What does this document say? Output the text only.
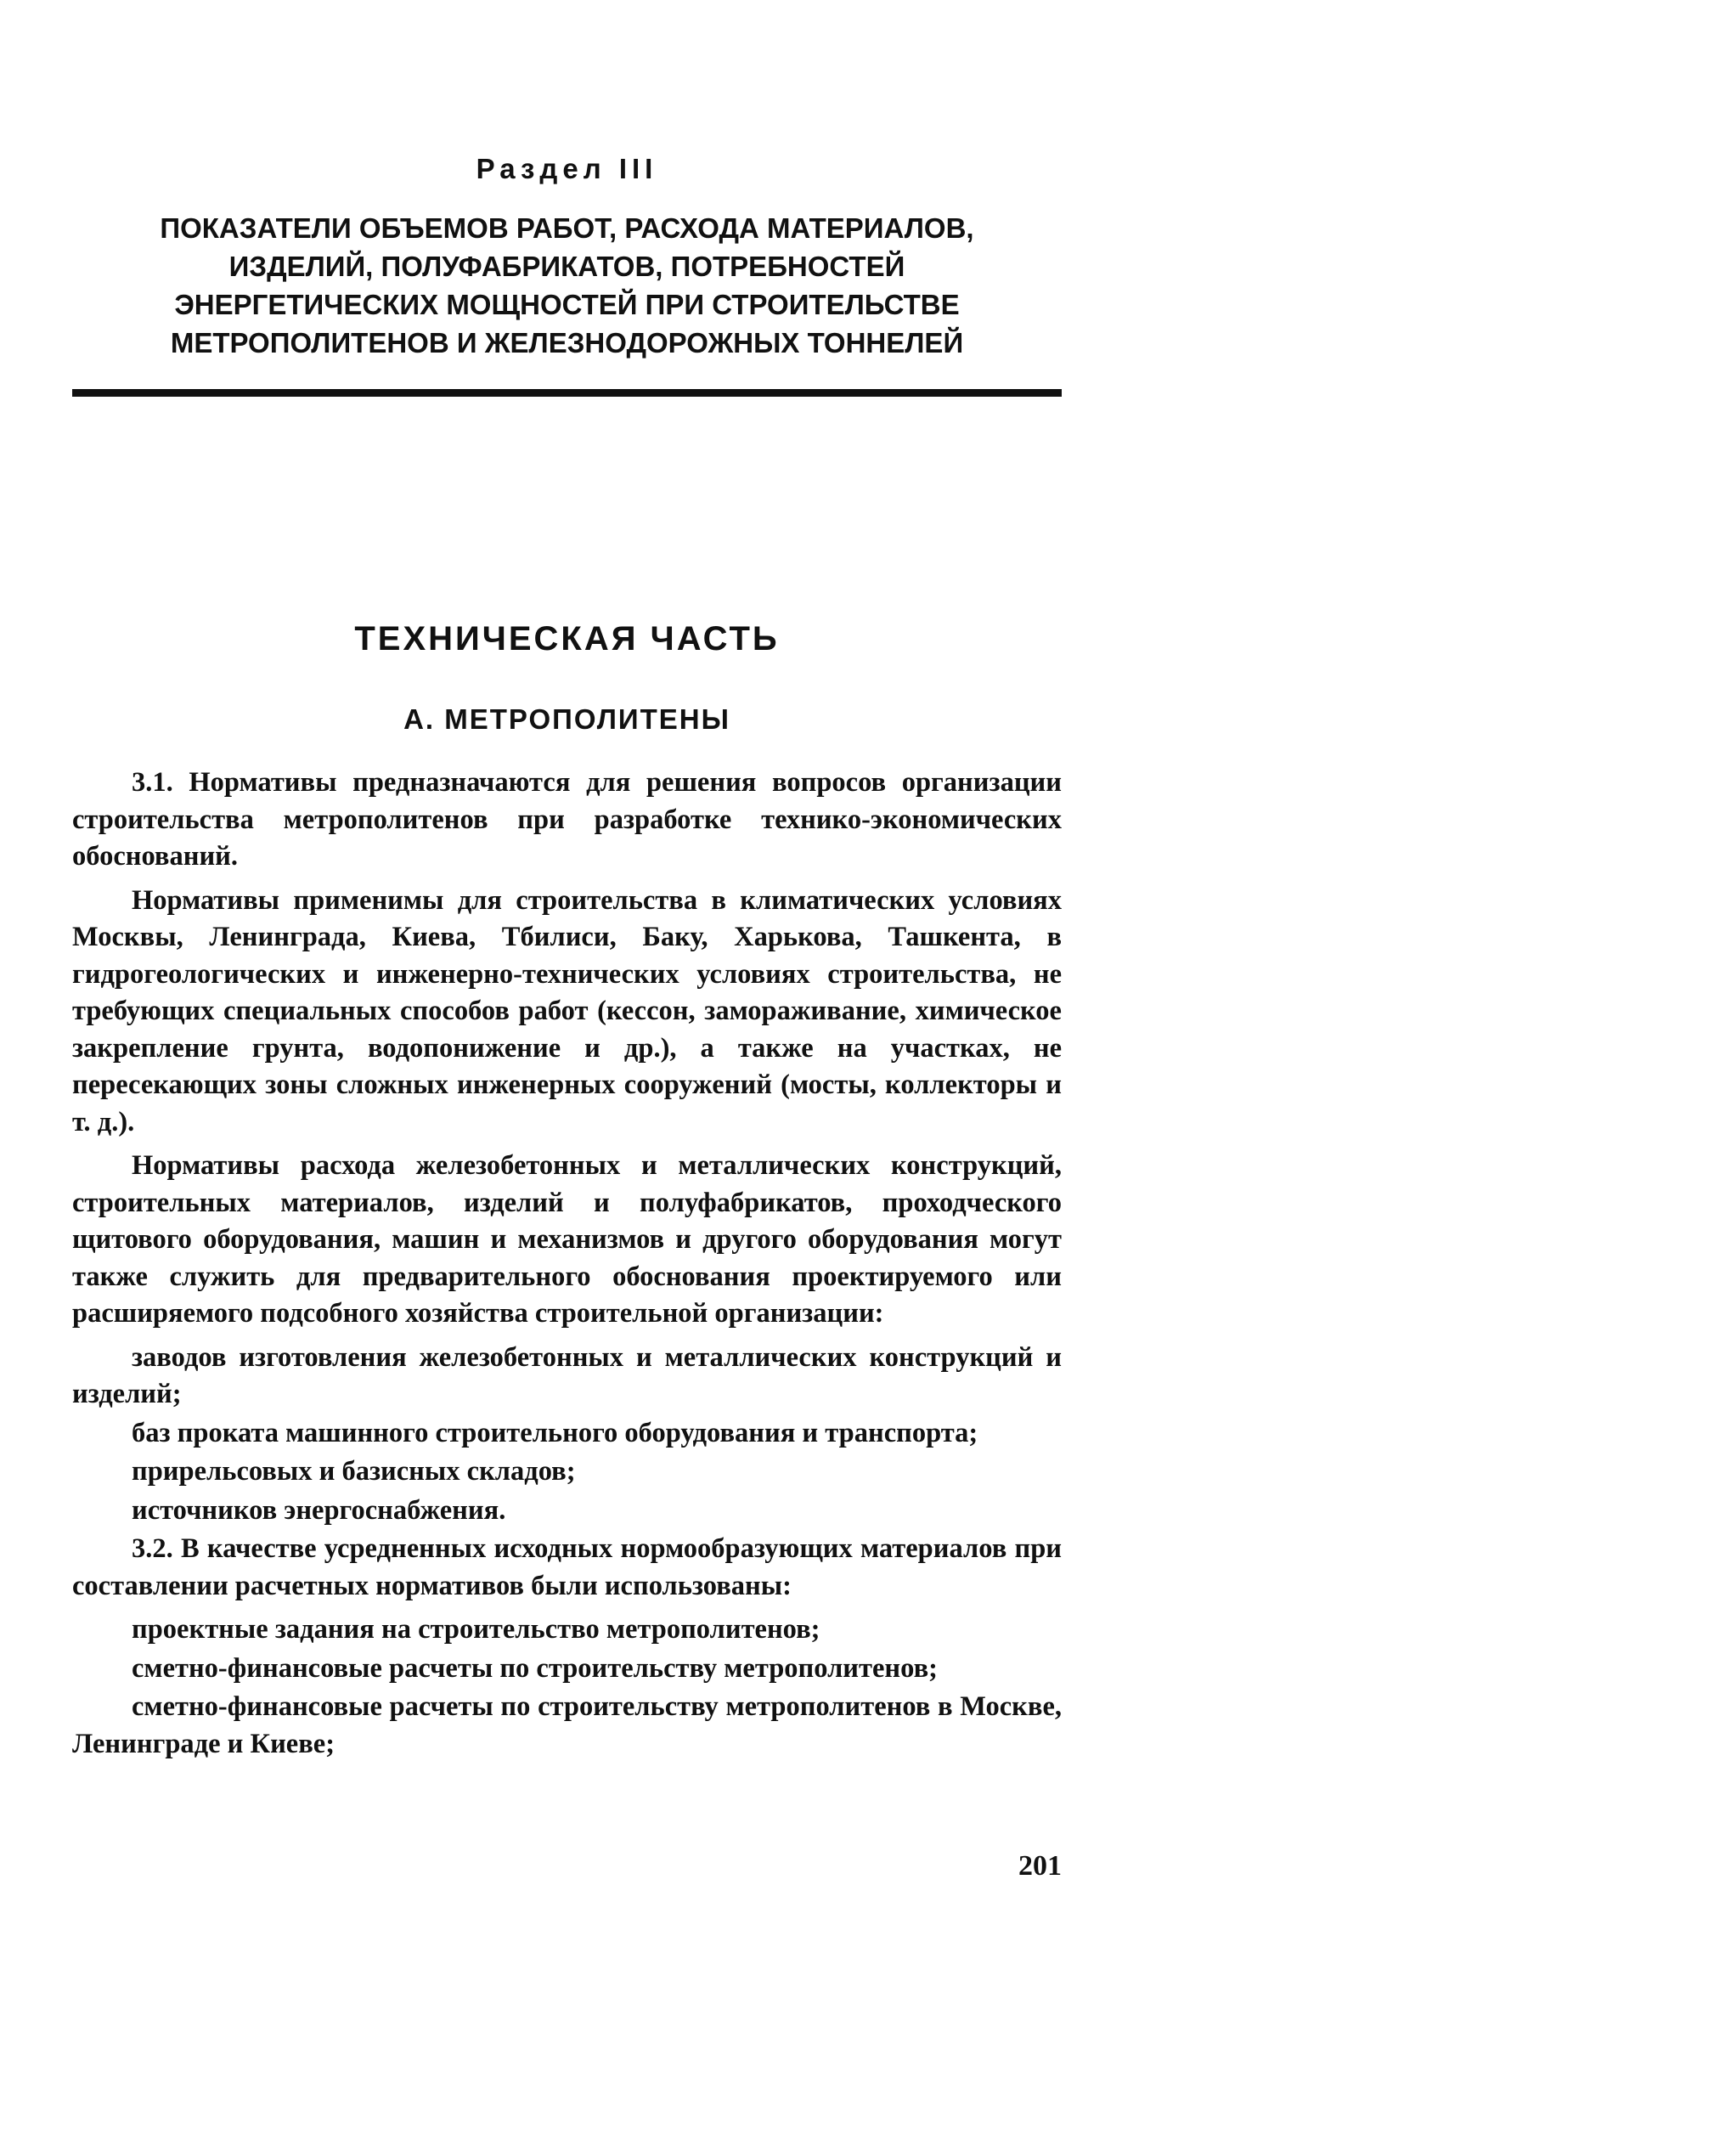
Раздел III
ПОКАЗАТЕЛИ ОБЪЕМОВ РАБОТ, РАСХОДА МАТЕРИАЛОВ,
ИЗДЕЛИЙ, ПОЛУФАБРИКАТОВ, ПОТРЕБНОСТЕЙ
ЭНЕРГЕТИЧЕСКИХ МОЩНОСТЕЙ ПРИ СТРОИТЕЛЬСТВЕ
МЕТРОПОЛИТЕНОВ И ЖЕЛЕЗНОДОРОЖНЫХ ТОННЕЛЕЙ
ТЕХНИЧЕСКАЯ ЧАСТЬ
А. МЕТРОПОЛИТЕНЫ

3.1. Нормативы предназначаются для решения вопросов организации строительства метрополитенов при разработке технико-экономических обоснований.

Нормативы применимы для строительства в климатических условиях Москвы, Ленинграда, Киева, Тбилиси, Баку, Харькова, Ташкента, в гидрогеологических и инженерно-технических условиях строительства, не требующих специальных способов работ (кессон, замораживание, химическое закрепление грунта, водопонижение и др.), а также на участках, не пересекающих зоны сложных инженерных сооружений (мосты, коллекторы и т. д.).

Нормативы расхода железобетонных и металлических конструкций, строительных материалов, изделий и полуфабрикатов, проходческого щитового оборудования, машин и механизмов и другого оборудования могут также служить для предварительного обоснования проектируемого или расширяемого подсобного хозяйства строительной организации:

заводов изготовления железобетонных и металлических конструкций и изделий;

баз проката машинного строительного оборудования и транспорта;

прирельсовых и базисных складов;

источников энергоснабжения.

3.2. В качестве усредненных исходных нормообразующих материалов при составлении расчетных нормативов были использованы:

проектные задания на строительство метрополитенов;

сметно-финансовые расчеты по строительству метрополитенов;

сметно-финансовые расчеты по строительству метрополитенов в Москве, Ленинграде и Киеве;

201
